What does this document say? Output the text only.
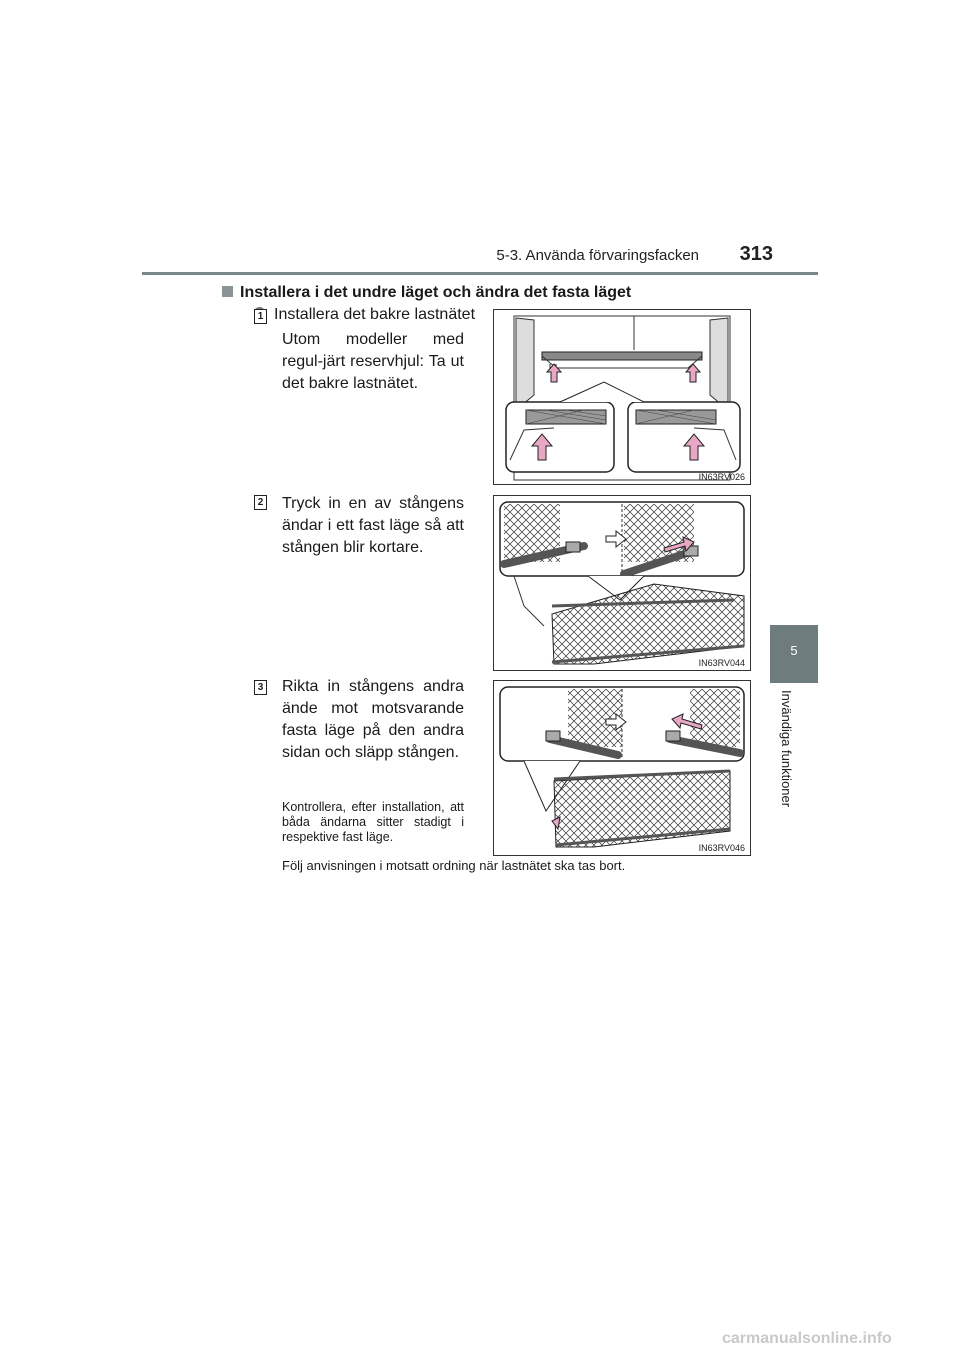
5-3. Använda förvaringsfacken 313
5
Invändiga funktioner
Installera i det undre läget och ändra det fasta läget
Installera det bakre lastnätet
1
Utom modeller med regul-järt reservhjul: Ta ut det bakre lastnätet.
2 Tryck in en av stångens ändar i ett fast läge så att stången blir kortare.
3 Rikta in stångens andra ände mot motsvarande fasta läge på den andra sidan och släpp stången.
Kontrollera, efter installation, att båda ändarna sitter stadigt i respektive fast läge.
Följ anvisningen i motsatt ordning när lastnätet ska tas bort.
IN63RV026
IN63RV044
IN63RV046
carmanualsonline.info
